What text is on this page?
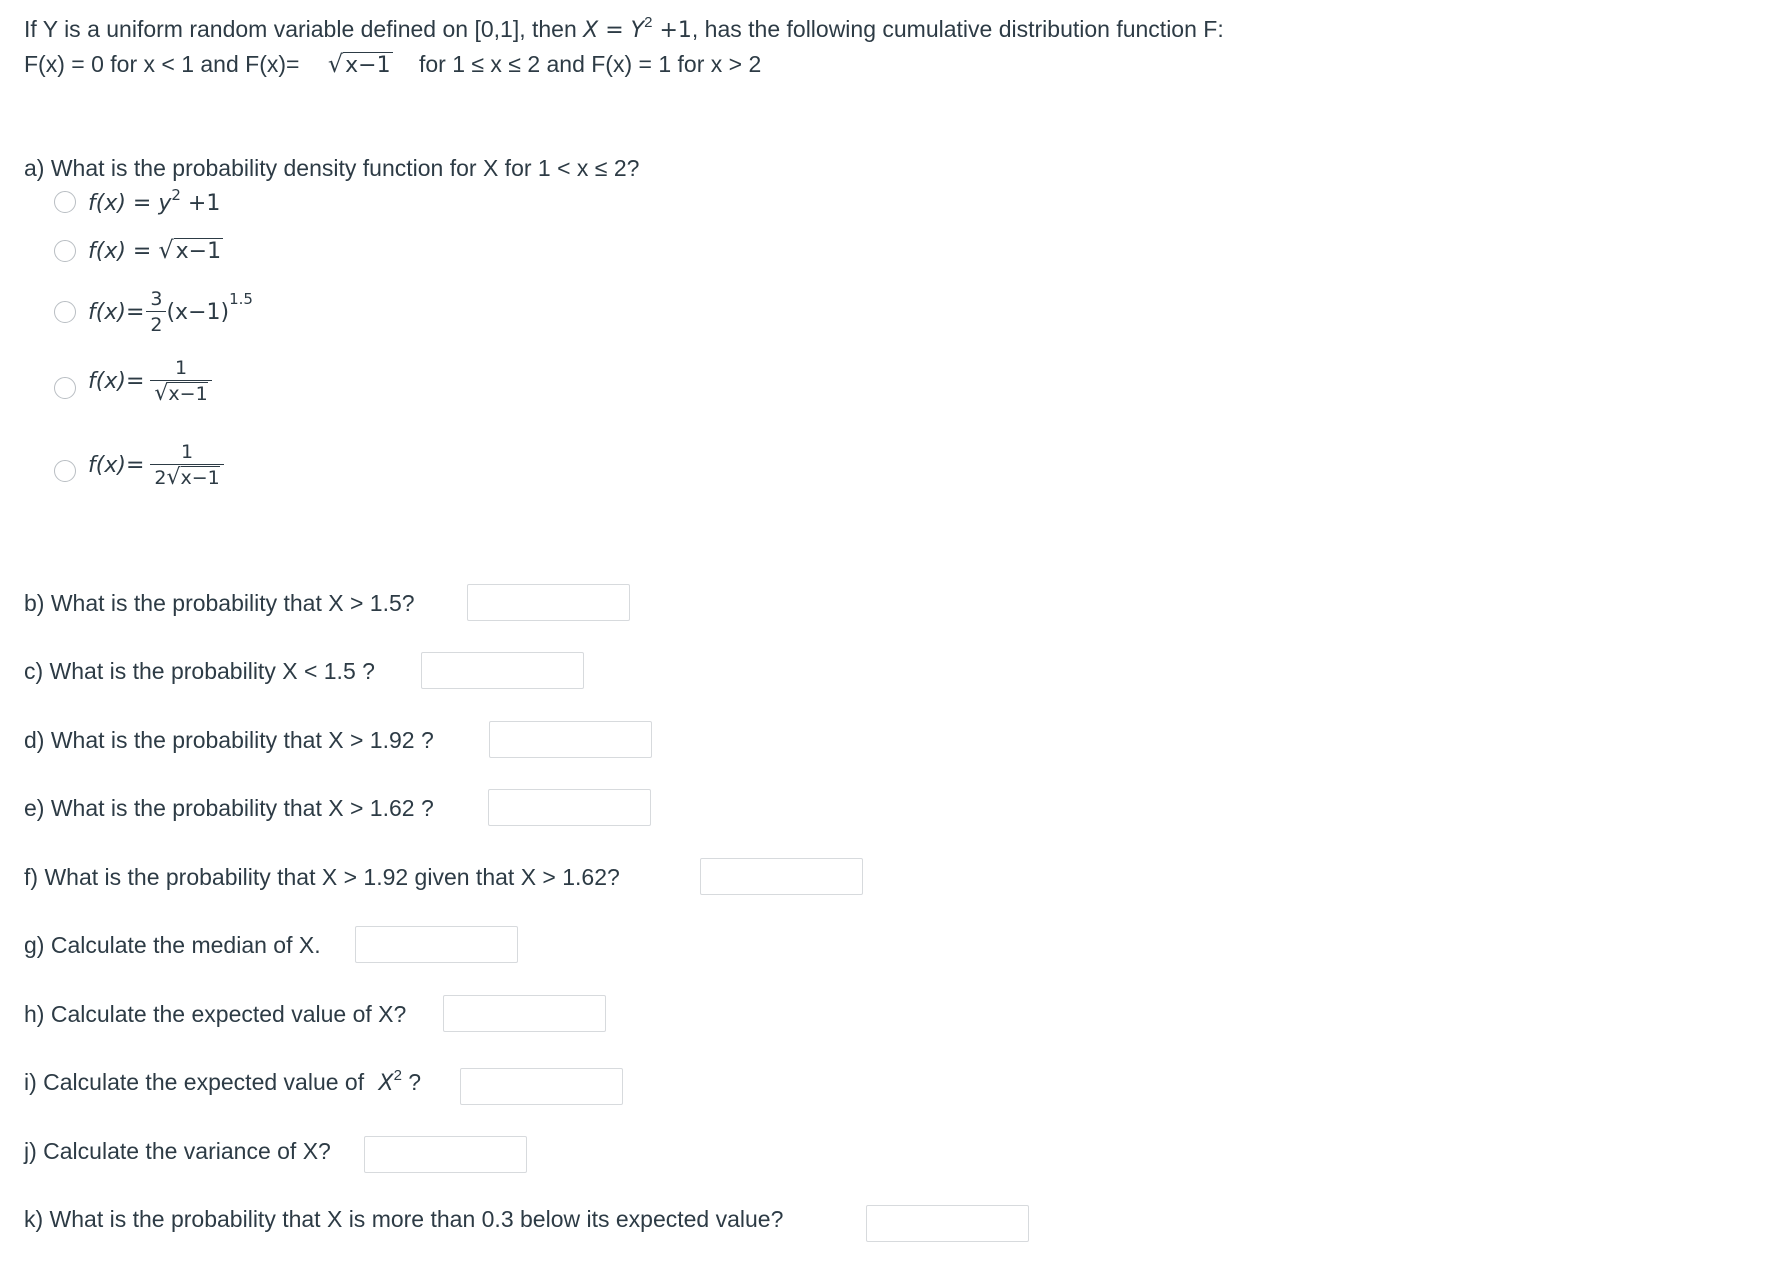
If Y is a uniform random variable defined on [0,1], then $X = Y^2 +1$, has the following cumulative distribution function F:
F(x) = 0 for x < 1 and F(x)= √x−1 for 1 ≤ x ≤ 2 and F(x) = 1 for x > 2
a) What is the probability density function for X for 1 < x ≤ 2?
$f(x) = y^2 +1$
f(x) = √x−1
$f(x) = \frac{3}{2} (x-1)$
1.5
$f(x) = \frac{1}{√x-1}$
$f(x) = \frac{1}{2√x-1}$
b) What is the probability that X > 1.5?
c) What is the probability X < 1.5 ?
d) What is the probability that X > 1.92 ?
e) What is the probability that X > 1.62 ?
f) What is the probability that X > 1.92 given that X > 1.62?
g) Calculate the median of X.
h) Calculate the expected value of X?
i) Calculate the expected value of $X^2$ ?
j) Calculate the variance of X?
k) What is the probability that X is more than 0.3 below its expected value?
